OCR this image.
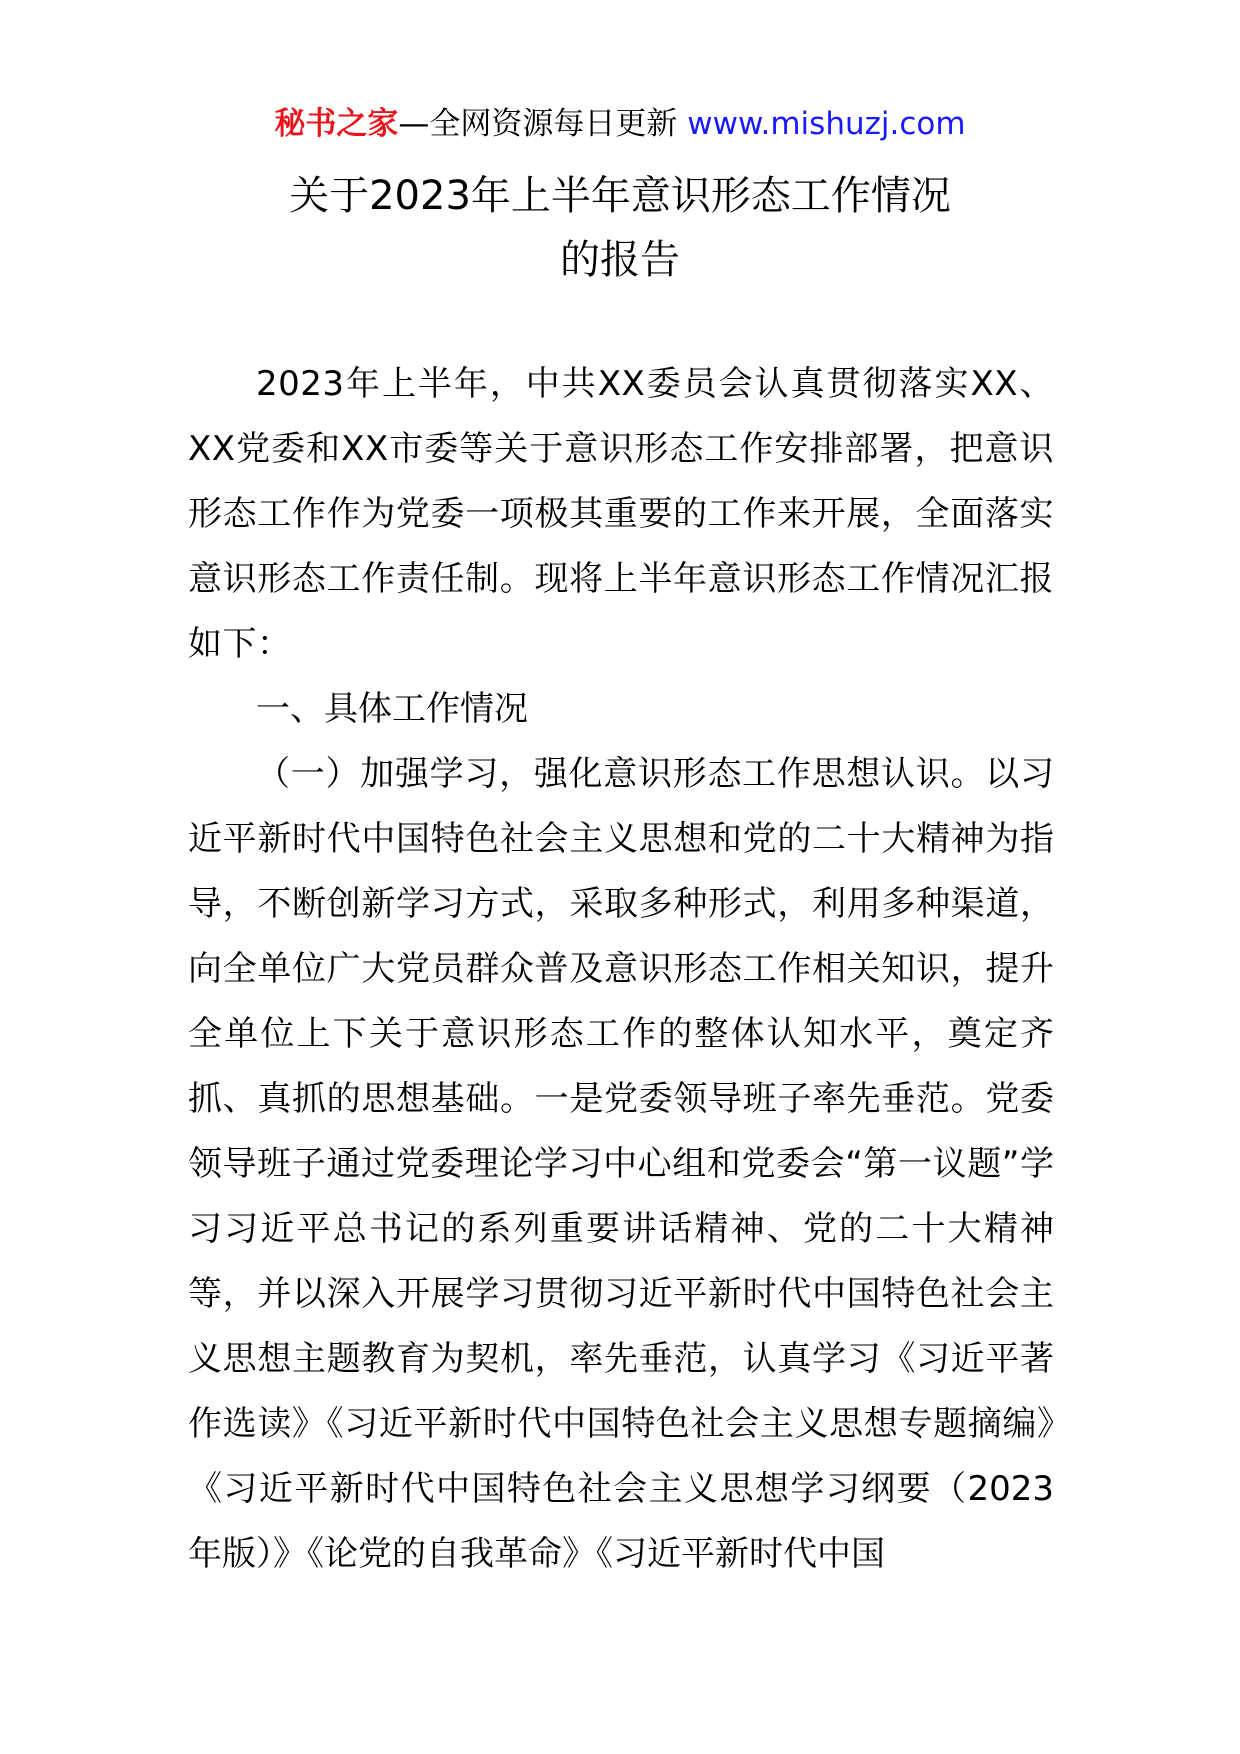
秘书之家—全网资源每日更新 www.mishuzj.com
关于2023年上半年意识形态工作情况
的报告

2023年上半年，中共XX委员会认真贯彻落实XX、XX党委和XX市委等关于意识形态工作安排部署，把意识形态工作作为党委一项极其重要的工作来开展，全面落实意识形态工作责任制。现将上半年意识形态工作情况汇报如下：

一、具体工作情况

（一）加强学习，强化意识形态工作思想认识。以习近平新时代中国特色社会主义思想和党的二十大精神为指导，不断创新学习方式，采取多种形式，利用多种渠道，向全单位广大党员群众普及意识形态工作相关知识，提升全单位上下关于意识形态工作的整体认知水平，奠定齐抓、真抓的思想基础。一是党委领导班子率先垂范。党委领导班子通过党委理论学习中心组和党委会“第一议题”学习习近平总书记的系列重要讲话精神、党的二十大精神等，并以深入开展学习贯彻习近平新时代中国特色社会主义思想主题教育为契机，率先垂范，认真学习《习近平著作选读》《习近平新时代中国特色社会主义思想专题摘编》《习近平新时代中国特色社会主义思想学习纲要（2023年版）》《论党的自我革命》《习近平新时代中国
